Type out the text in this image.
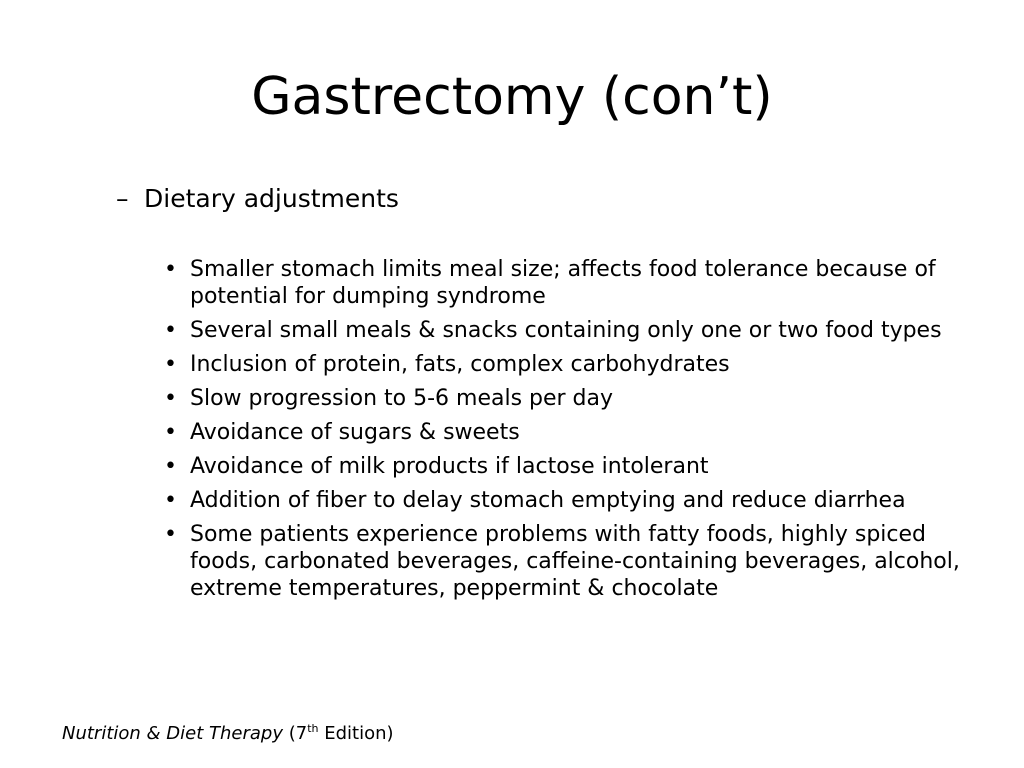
Gastrectomy (con’t)
– Dietary adjustments
• Smaller stomach limits meal size; affects food tolerance because of potential for dumping syndrome
• Several small meals & snacks containing only one or two food types
• Inclusion of protein, fats, complex carbohydrates
• Slow progression to 5-6 meals per day
• Avoidance of sugars & sweets
• Avoidance of milk products if lactose intolerant
• Addition of fiber to delay stomach emptying and reduce diarrhea
• Some patients experience problems with fatty foods, highly spiced foods, carbonated beverages, caffeine-containing beverages, alcohol, extreme temperatures, peppermint & chocolate
Nutrition & Diet Therapy (7th Edition)
